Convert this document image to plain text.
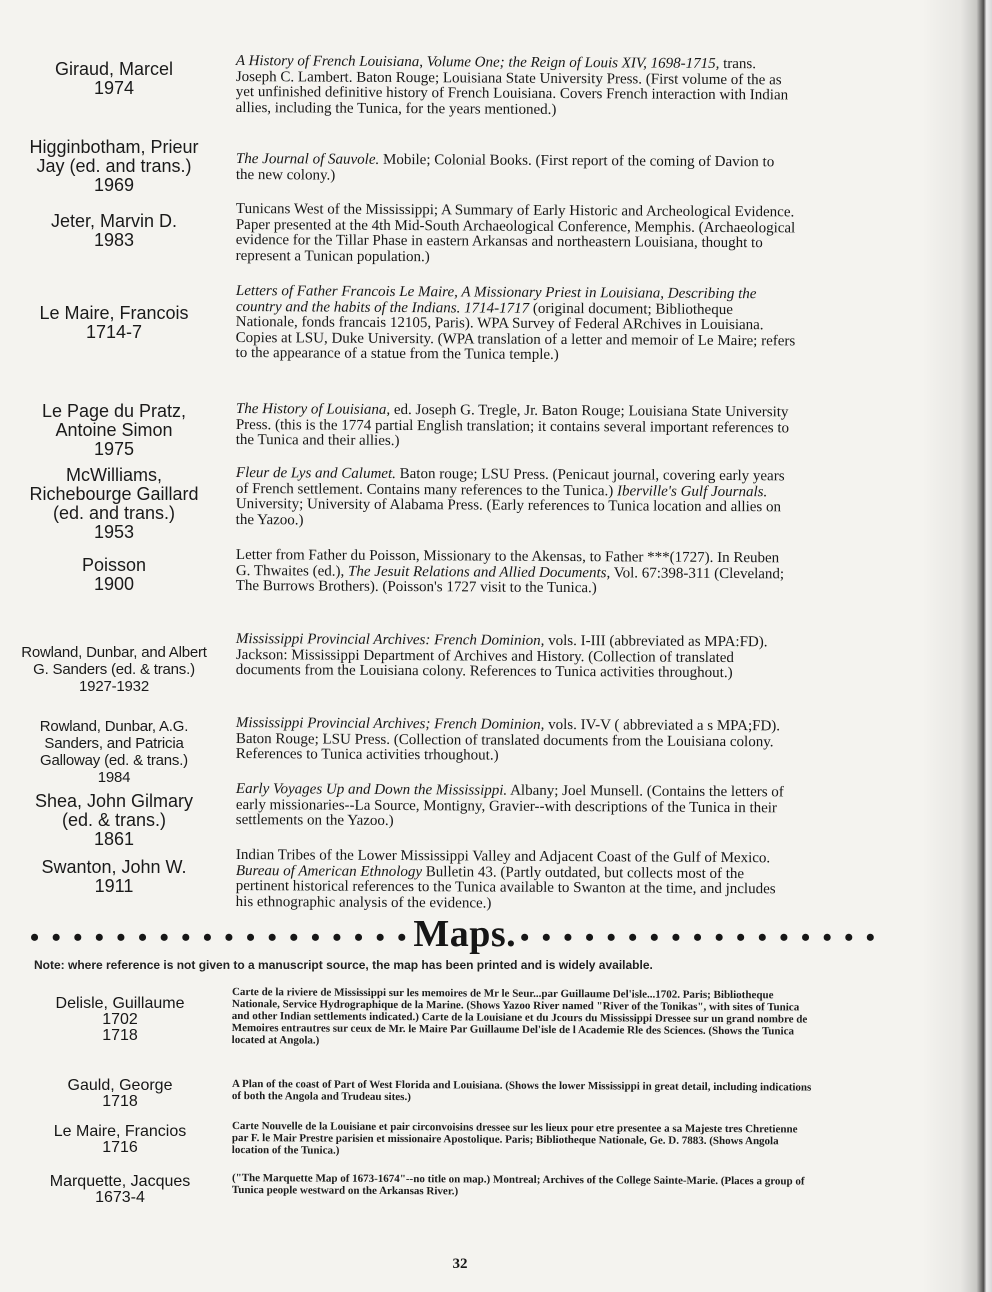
Giraud, Marcel
1974
A History of French Louisiana, Volume One; the Reign of Louis XIV, 1698-1715, trans. Joseph C. Lambert. Baton Rouge; Louisiana State University Press. (First volume of the as yet unfinished definitive history of French Louisiana. Covers French interaction with Indian allies, including the Tunica, for the years mentioned.)
Higginbotham, Prieur
Jay (ed. and trans.)
1969
The Journal of Sauvole. Mobile; Colonial Books. (First report of the coming of Davion to the new colony.)
Jeter, Marvin D.
1983
Tunicans West of the Mississippi; A Summary of Early Historic and Archeological Evidence. Paper presented at the 4th Mid-South Archaeological Conference, Memphis. (Archaeological evidence for the Tillar Phase in eastern Arkansas and northeastern Louisiana, thought to represent a Tunican population.)
Le Maire, Francois
1714-7
Letters of Father Francois Le Maire, A Missionary Priest in Louisiana, Describing the country and the habits of the Indians. 1714-1717 (original document; Bibliotheque Nationale, fonds francais 12105, Paris). WPA Survey of Federal ARchives in Louisiana. Copies at LSU, Duke University. (WPA translation of a letter and memoir of Le Maire; refers to the appearance of a statue from the Tunica temple.)
Le Page du Pratz,
Antoine Simon
1975
The History of Louisiana, ed. Joseph G. Tregle, Jr. Baton Rouge; Louisiana State University Press. (this is the 1774 partial English translation; it contains several important references to the Tunica and their allies.)
McWilliams,
Richebourge Gaillard
(ed. and trans.)
1953
Fleur de Lys and Calumet. Baton rouge; LSU Press. (Penicaut journal, covering early years of French settlement. Contains many references to the Tunica.) Iberville's Gulf Journals. University; University of Alabama Press. (Early references to Tunica location and allies on the Yazoo.)
Poisson
1900
Letter from Father du Poisson, Missionary to the Akensas, to Father ***(1727). In Reuben G. Thwaites (ed.), The Jesuit Relations and Allied Documents, Vol. 67:398-311 (Cleveland; The Burrows Brothers). (Poisson's 1727 visit to the Tunica.)
Rowland, Dunbar, and Albert
G. Sanders (ed. & trans.)
1927-1932
Mississippi Provincial Archives: French Dominion, vols. I-III (abbreviated as MPA:FD). Jackson: Mississippi Department of Archives and History. (Collection of translated documents from the Louisiana colony. References to Tunica activities throughout.)
Rowland, Dunbar, A.G.
Sanders, and Patricia
Galloway (ed. & trans.)
1984
Mississippi Provincial Archives; French Dominion, vols. IV-V ( abbreviated a s MPA;FD). Baton Rouge; LSU Press. (Collection of translated documents from the Louisiana colony. References to Tunica activities trhoughout.)
Shea, John Gilmary
(ed. & trans.)
1861
Early Voyages Up and Down the Mississippi. Albany; Joel Munsell. (Contains the letters of early missionaries--La Source, Montigny, Gravier--with descriptions of the Tunica in their settlements on the Yazoo.)
Swanton, John W.
1911
Indian Tribes of the Lower Mississippi Valley and Adjacent Coast of the Gulf of Mexico. Bureau of American Ethnology Bulletin 43. (Partly outdated, but collects most of the pertinent historical references to the Tunica available to Swanton at the time, and jncludes his ethnographic analysis of the evidence.)
• • • • • • • • • • • • • • • • • • Maps. • • • • • • • • • • • • • • • • •
Note: where reference is not given to a manuscript source, the map has been printed and is widely available.
Delisle, Guillaume
1702
1718
Carte de la riviere de Mississippi sur les memoires de Mr le Seur...par Guillaume Del'isle...1702. Paris; Bibliotheque Nationale, Service Hydrographique de la Marine. (Shows Yazoo River named "River of the Tonikas", with sites of Tunica and other Indian settlements indicated.) Carte de la Louisiane et du Jcours du Mississippi Dressee sur un grand nombre de Memoires entrautres sur ceux de Mr. le Maire Par Guillaume Del'isle de l Academie Rle des Sciences. (Shows the Tunica located at Angola.)
Gauld, George
1718
A Plan of the coast of Part of West Florida and Louisiana. (Shows the lower Mississippi in great detail, including indications of both the Angola and Trudeau sites.)
Le Maire, Francios
1716
Carte Nouvelle de la Louisiane et pair circonvoisins dressee sur les lieux pour etre presentee a sa Majeste tres Chretienne par F. le Mair Prestre parisien et missionaire Apostolique. Paris; Bibliotheque Nationale, Ge. D. 7883. (Shows Angola location of the Tunica.)
Marquette, Jacques
1673-4
("The Marquette Map of 1673-1674"--no title on map.) Montreal; Archives of the College Sainte-Marie. (Places a group of Tunica people westward on the Arkansas River.)
32
